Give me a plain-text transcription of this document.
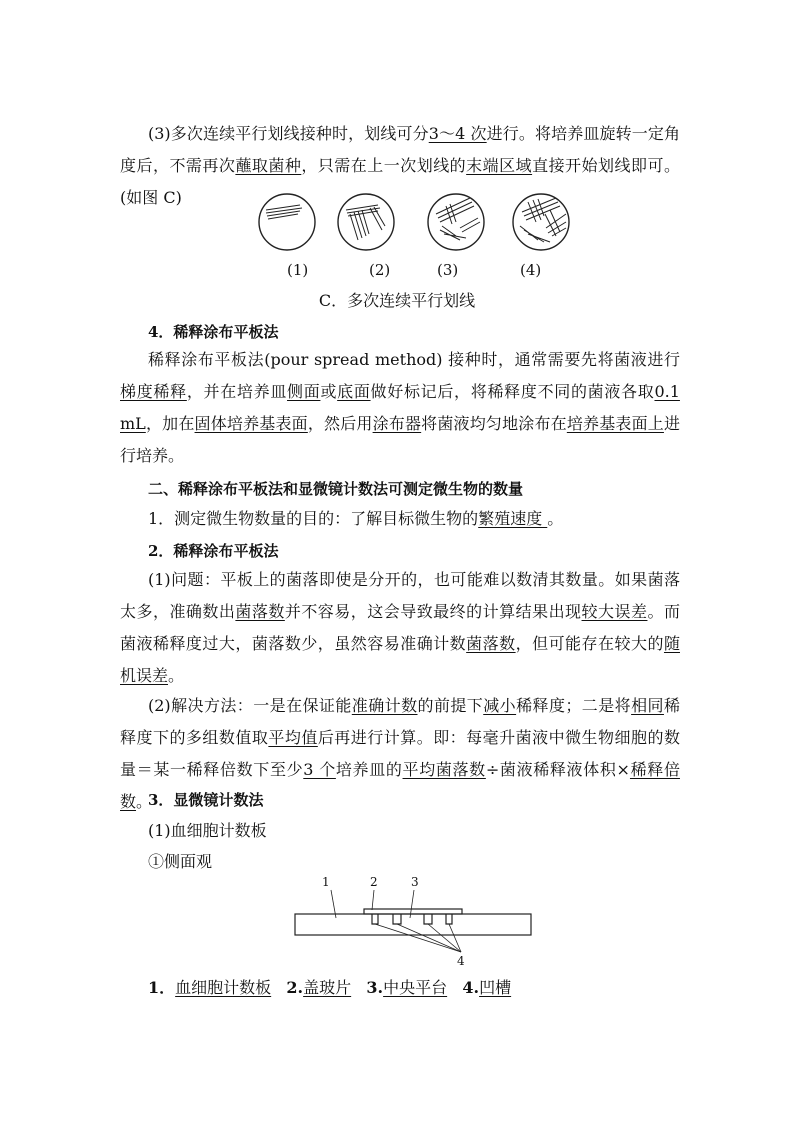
(3)多次连续平行划线接种时，划线可分3～4 次进行。将培养皿旋转一定角度后，不需再次蘸取菌种，只需在上一次划线的末端区域直接开始划线即可。(如图 C)

(1)	(2)	(3)	(4)
C．多次连续平行划线

4．稀释涂布平板法

稀释涂布平板法(pour spread method) 接种时，通常需要先将菌液进行梯度稀释，并在培养皿侧面或底面做好标记后，将稀释度不同的菌液各取0.1 mL，加在固体培养基表面，然后用涂布器将菌液均匀地涂布在培养基表面上进行培养。

二、稀释涂布平板法和显微镜计数法可测定微生物的数量

1．测定微生物数量的目的：了解目标微生物的繁殖速度 。

2．稀释涂布平板法

(1)问题：平板上的菌落即使是分开的，也可能难以数清其数量。如果菌落太多，准确数出菌落数并不容易，这会导致最终的计算结果出现较大误差。而菌液稀释度过大，菌落数少，虽然容易准确计数菌落数，但可能存在较大的随机误差。

(2)解决方法：一是在保证能准确计数的前提下减小稀释度；二是将相同稀释度下的多组数值取平均值后再进行计算。即：每毫升菌液中微生物细胞的数量＝某一稀释倍数下至少3 个培养皿的平均菌落数÷菌液稀释液体积×稀释倍数。

3．显微镜计数法

(1)血细胞计数板

①侧面观

1	2	3
4
1．血细胞计数板 2.盖玻片 3.中央平台 4.凹槽
